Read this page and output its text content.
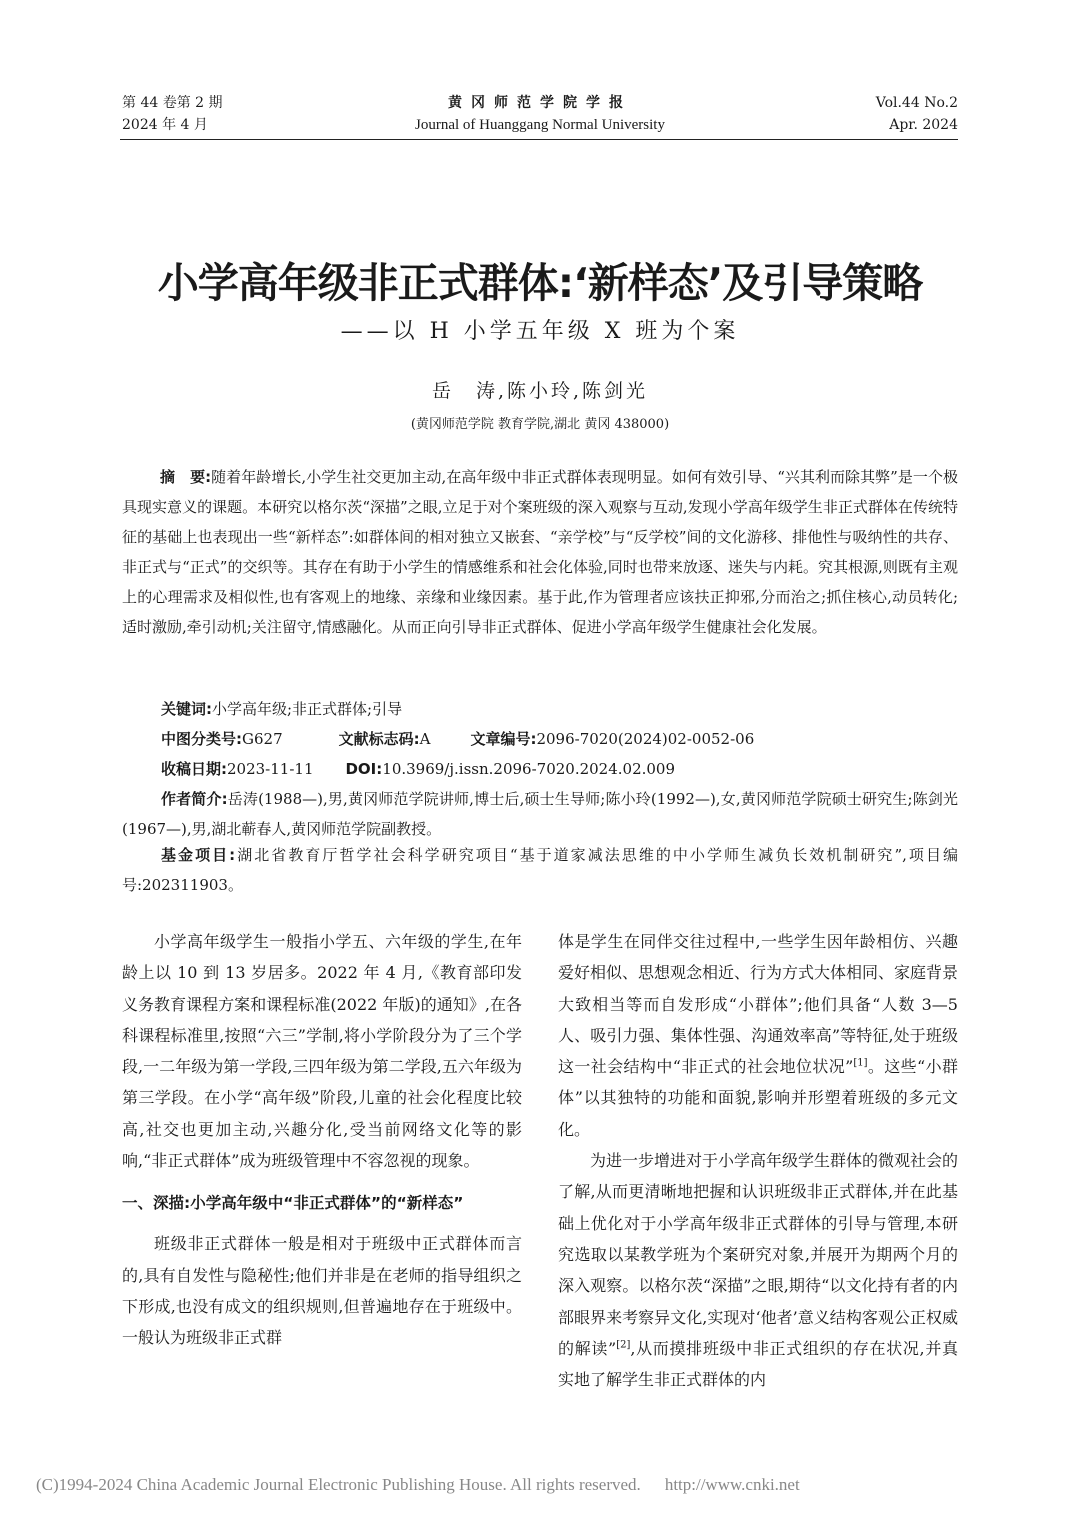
第 44 卷第 2 期
2024 年 4 月
黄冈师范学院学报
Journal of Huanggang Normal University
Vol.44 No.2
Apr. 2024
小学高年级非正式群体:‘新样态’及引导策略
——以 H 小学五年级 X 班为个案
岳　涛,陈小玲,陈剑光
(黄冈师范学院 教育学院,湖北 黄冈 438000)

摘　要:随着年龄增长,小学生社交更加主动,在高年级中非正式群体表现明显。如何有效引导、“兴其利而除其弊”是一个极具现实意义的课题。本研究以格尔茨“深描”之眼,立足于对个案班级的深入观察与互动,发现小学高年级学生非正式群体在传统特征的基础上也表现出一些“新样态”:如群体间的相对独立又嵌套、“亲学校”与“反学校”间的文化游移、排他性与吸纳性的共存、非正式与“正式”的交织等。其存在有助于小学生的情感维系和社会化体验,同时也带来放逐、迷失与内耗。究其根源,则既有主观上的心理需求及相似性,也有客观上的地缘、亲缘和业缘因素。基于此,作为管理者应该扶正抑邪,分而治之;抓住核心,动员转化;适时激励,牵引动机;关注留守,情感融化。从而正向引导非正式群体、促进小学高年级学生健康社会化发展。

关键词:小学高年级;非正式群体;引导

中图分类号:G627	文献标志码:A	文章编号:2096-7020(2024)02-0052-06

收稿日期:2023-11-11 DOI:10.3969/j.issn.2096-7020.2024.02.009

作者简介:岳涛(1988—),男,黄冈师范学院讲师,博士后,硕士生导师;陈小玲(1992—),女,黄冈师范学院硕士研究生;陈剑光(1967—),男,湖北蕲春人,黄冈师范学院副教授。

基金项目:湖北省教育厅哲学社会科学研究项目“基于道家减法思维的中小学师生减负长效机制研究”,项目编号:202311903。

小学高年级学生一般指小学五、六年级的学生,在年龄上以 10 到 13 岁居多。2022 年 4 月,《教育部印发义务教育课程方案和课程标准(2022 年版)的通知》,在各科课程标准里,按照“六三”学制,将小学阶段分为了三个学段,一二年级为第一学段,三四年级为第二学段,五六年级为第三学段。在小学“高年级”阶段,儿童的社会化程度比较高,社交也更加主动,兴趣分化,受当前网络文化等的影响,“非正式群体”成为班级管理中不容忽视的现象。

一、深描:小学高年级中“非正式群体”的“新样态”

班级非正式群体一般是相对于班级中正式群体而言的,具有自发性与隐秘性;他们并非是在老师的指导组织之下形成,也没有成文的组织规则,但普遍地存在于班级中。一般认为班级非正式群

体是学生在同伴交往过程中,一些学生因年龄相仿、兴趣爱好相似、思想观念相近、行为方式大体相同、家庭背景大致相当等而自发形成“小群体”;他们具备“人数 3—5 人、吸引力强、集体性强、沟通效率高”等特征,处于班级这一社会结构中“非正式的社会地位状况”[1]。这些“小群体”以其独特的功能和面貌,影响并形塑着班级的多元文化。

为进一步增进对于小学高年级学生群体的微观社会的了解,从而更清晰地把握和认识班级非正式群体,并在此基础上优化对于小学高年级非正式群体的引导与管理,本研究选取以某教学班为个案研究对象,并展开为期两个月的深入观察。以格尔茨“深描”之眼,期待“以文化持有者的内部眼界来考察异文化,实现对‘他者’意义结构客观公正权威的解读”[2],从而摸排班级中非正式组织的存在状况,并真实地了解学生非正式群体的内

(C)1994-2024 China Academic Journal Electronic Publishing House. All rights reserved. http://www.cnki.net
